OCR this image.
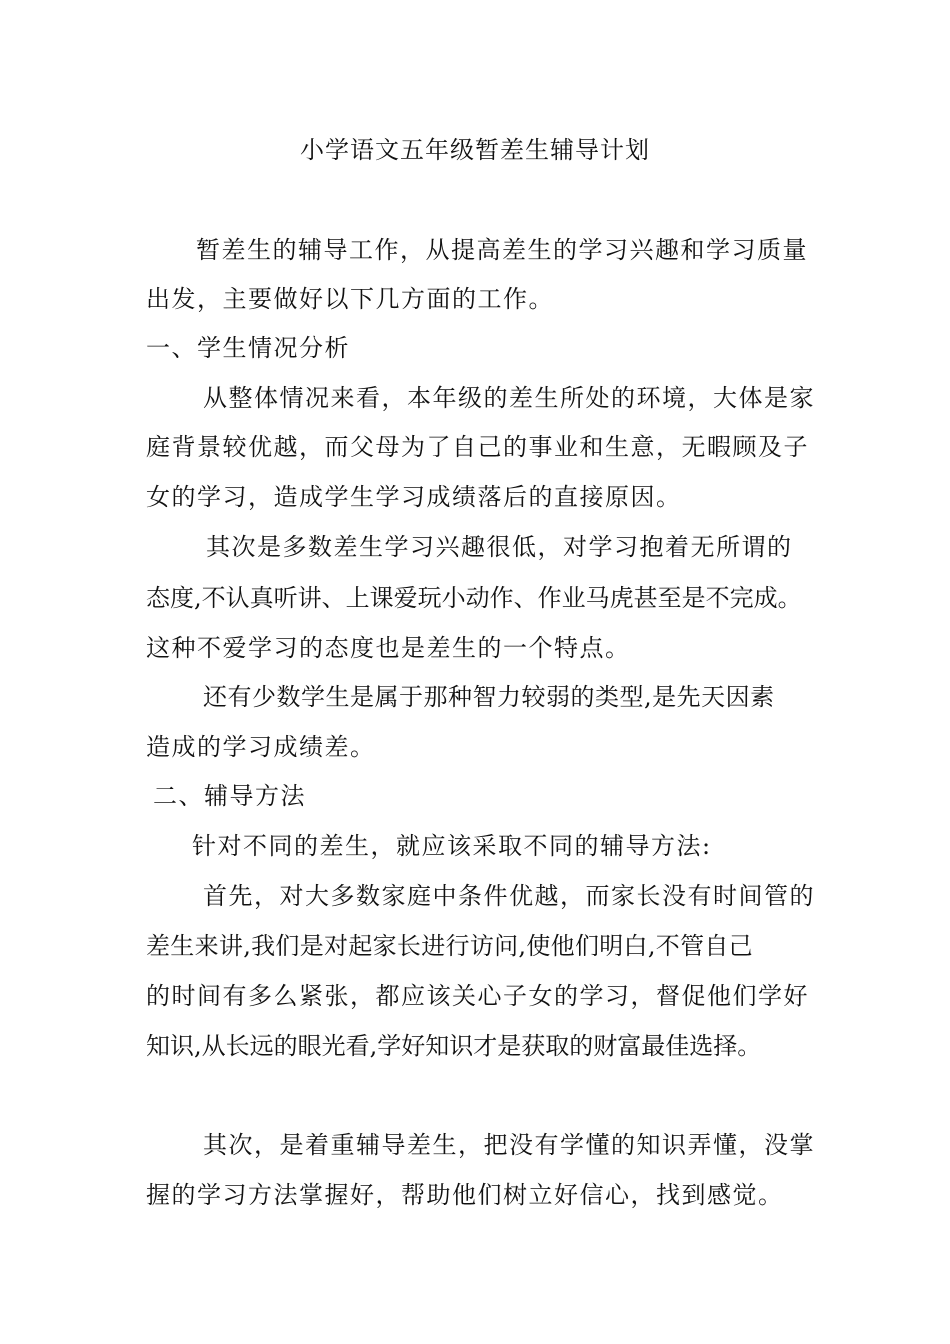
小学语文五年级暂差生辅导计划
暂差生的辅导工作，从提高差生的学习兴趣和学习质量
出发，主要做好以下几方面的工作。
一、学生情况分析
从整体情况来看，本年级的差生所处的环境，大体是家
庭背景较优越，而父母为了自己的事业和生意，无暇顾及子
女的学习，造成学生学习成绩落后的直接原因。
其次是多数差生学习兴趣很低，对学习抱着无所谓的
态度,不认真听讲、上课爱玩小动作、作业马虎甚至是不完成。
这种不爱学习的态度也是差生的一个特点。
还有少数学生是属于那种智力较弱的类型,是先天因素
造成的学习成绩差。
二、辅导方法
针对不同的差生，就应该采取不同的辅导方法:
首先，对大多数家庭中条件优越，而家长没有时间管的
差生来讲,我们是对起家长进行访问,使他们明白,不管自己
的时间有多么紧张，都应该关心子女的学习，督促他们学好
知识,从长远的眼光看,学好知识才是获取的财富最佳选择。
其次，是着重辅导差生，把没有学懂的知识弄懂，没掌
握的学习方法掌握好，帮助他们树立好信心，找到感觉。
